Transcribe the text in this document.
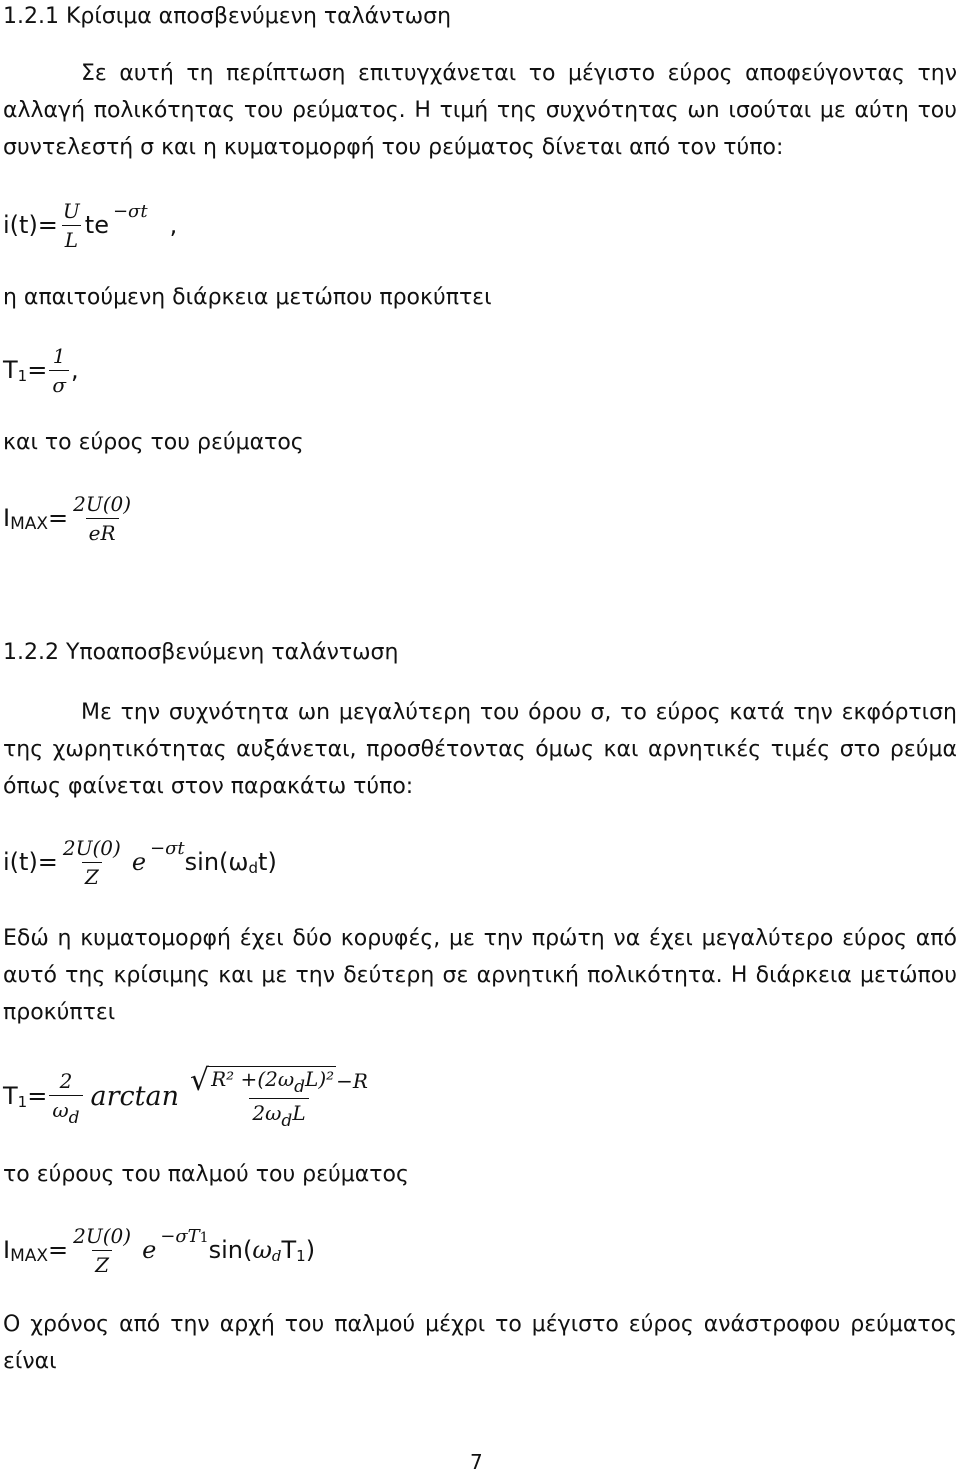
1.2.1 Κρίσιμα αποσβενύμενη ταλάντωση
Σε αυτή τη περίπτωση επιτυγχάνεται το μέγιστο εύρος αποφεύγοντας την αλλαγή πολικότητας του ρεύματος. Η τιμή της συχνότητας ωn ισούται με αύτη του συντελεστή σ και η κυματομορφή του ρεύματος δίνεται από τον τύπο:
$i(t)= \frac{U}{L}$ te −σt ,
η απαιτούμενη διάρκεια μετώπου προκύπτει
T $1 = \frac{1}{\sigma}$ ,
και το εύρος του ρεύματος
I MAX = $\frac{2U(0)}{eR}$
1.2.2 Υποαποσβενύμενη ταλάντωση
Με την συχνότητα ωn μεγαλύτερη του όρου σ, το εύρος κατά την εκφόρτιση της χωρητικότητας αυξάνεται, προσθέτοντας όμως και αρνητικές τιμές στο ρεύμα όπως φαίνεται στον παρακάτω τύπο:
$i(t)= \frac{2U(0)}{Z}$ e −σt sin(ω d t)
Εδώ η κυματομορφή έχει δύο κορυφές, με την πρώτη να έχει μεγαλύτερο εύρος από αυτό της κρίσιμης και με την δεύτερη σε αρνητική πολικότητα. Η διάρκεια μετώπου προκύπτει
T $1 = \frac{2}{\omega_d}$ $\arctan \frac{√ R^2 +(2\omega_dL)^2 -R}{2\omega_dL}$
το εύρους του παλμού του ρεύματος
I MAX = $\frac{2U(0)}{Z}$ e −σT1 sin( ω d T 1 )
Ο χρόνος από την αρχή του παλμού μέχρι το μέγιστο εύρος ανάστροφου ρεύματος είναι
7
